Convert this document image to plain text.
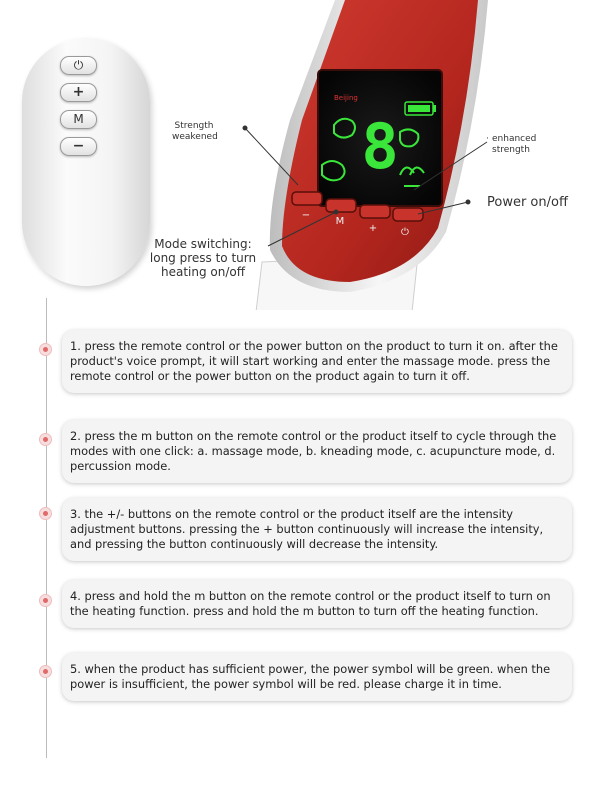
⏻
+
M
−
Beijing
8
−
M
+ ⏻
Strength weakened	· enhanced strength
Power on/off
Mode switching:
long press to turn
heating on/off
1. press the remote control or the power button on the product to turn it on. after the product's voice prompt, it will start working and enter the massage mode. press the remote control or the power button on the product again to turn it off.
2. press the m button on the remote control or the product itself to cycle through the modes with one click: a. massage mode, b. kneading mode, c. acupuncture mode, d. percussion mode.
3. the +/- buttons on the remote control or the product itself are the intensity adjustment buttons. pressing the + button continuously will increase the intensity, and pressing the button continuously will decrease the intensity.
4. press and hold the m button on the remote control or the product itself to turn on the heating function. press and hold the m button to turn off the heating function.
5. when the product has sufficient power, the power symbol will be green. when the power is insufficient, the power symbol will be red. please charge it in time.
